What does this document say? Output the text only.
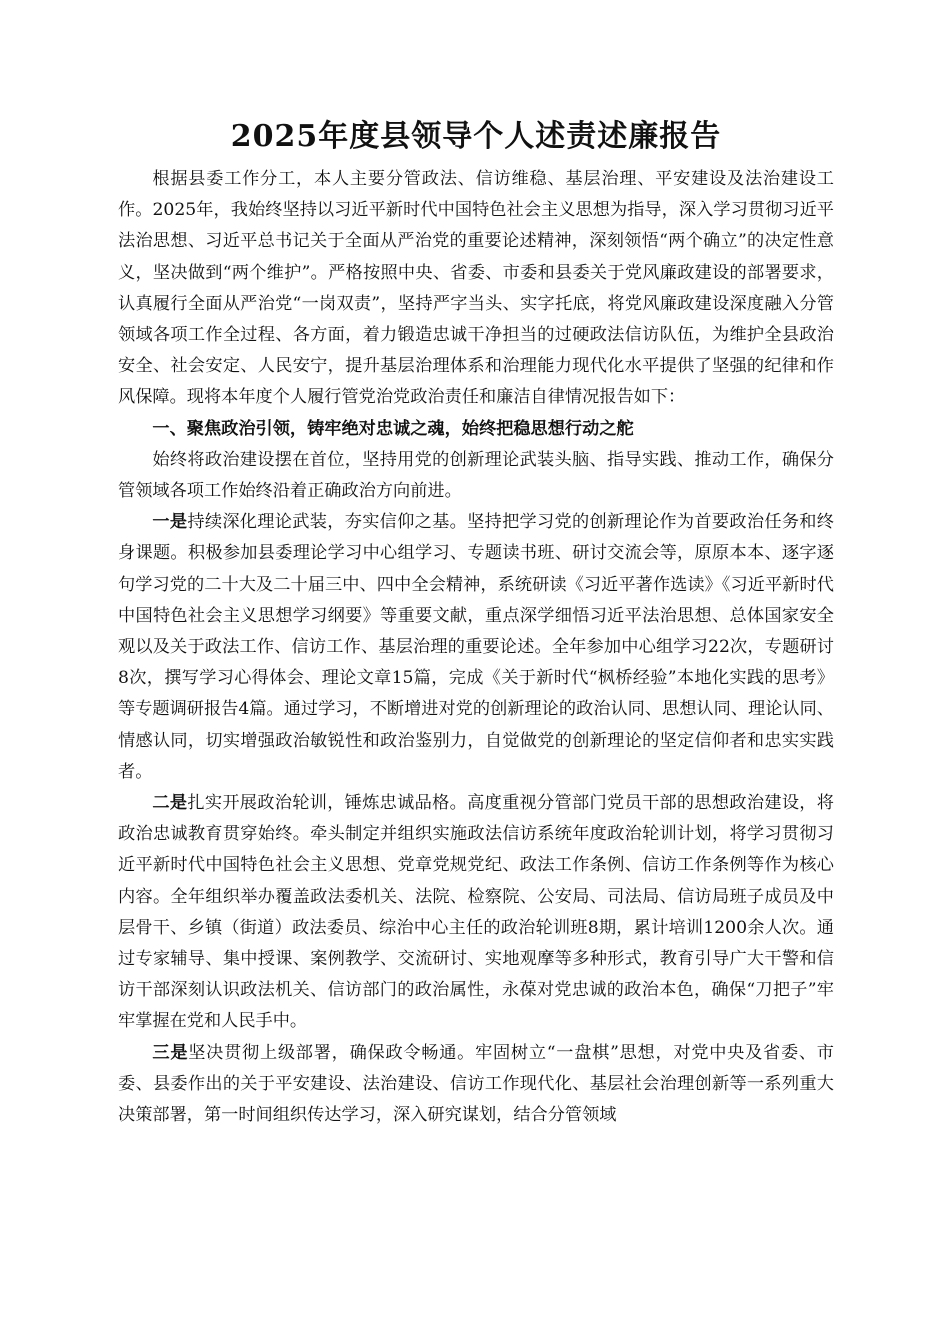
2025年度县领导个人述责述廉报告

根据县委工作分工，本人主要分管政法、信访维稳、基层治理、平安建设及法治建设工作。2025年，我始终坚持以习近平新时代中国特色社会主义思想为指导，深入学习贯彻习近平法治思想、习近平总书记关于全面从严治党的重要论述精神，深刻领悟“两个确立”的决定性意义，坚决做到“两个维护”。严格按照中央、省委、市委和县委关于党风廉政建设的部署要求，认真履行全面从严治党“一岗双责”，坚持严字当头、实字托底，将党风廉政建设深度融入分管领域各项工作全过程、各方面，着力锻造忠诚干净担当的过硬政法信访队伍，为维护全县政治安全、社会安定、人民安宁，提升基层治理体系和治理能力现代化水平提供了坚强的纪律和作风保障。现将本年度个人履行管党治党政治责任和廉洁自律情况报告如下：

一、聚焦政治引领，铸牢绝对忠诚之魂，始终把稳思想行动之舵

始终将政治建设摆在首位，坚持用党的创新理论武装头脑、指导实践、推动工作，确保分管领域各项工作始终沿着正确政治方向前进。

一是持续深化理论武装，夯实信仰之基。坚持把学习党的创新理论作为首要政治任务和终身课题。积极参加县委理论学习中心组学习、专题读书班、研讨交流会等，原原本本、逐字逐句学习党的二十大及二十届三中、四中全会精神，系统研读《习近平著作选读》《习近平新时代中国特色社会主义思想学习纲要》等重要文献，重点深学细悟习近平法治思想、总体国家安全观以及关于政法工作、信访工作、基层治理的重要论述。全年参加中心组学习22次，专题研讨8次，撰写学习心得体会、理论文章15篇，完成《关于新时代“枫桥经验”本地化实践的思考》等专题调研报告4篇。通过学习，不断增进对党的创新理论的政治认同、思想认同、理论认同、情感认同，切实增强政治敏锐性和政治鉴别力，自觉做党的创新理论的坚定信仰者和忠实实践者。

二是扎实开展政治轮训，锤炼忠诚品格。高度重视分管部门党员干部的思想政治建设，将政治忠诚教育贯穿始终。牵头制定并组织实施政法信访系统年度政治轮训计划，将学习贯彻习近平新时代中国特色社会主义思想、党章党规党纪、政法工作条例、信访工作条例等作为核心内容。全年组织举办覆盖政法委机关、法院、检察院、公安局、司法局、信访局班子成员及中层骨干、乡镇（街道）政法委员、综治中心主任的政治轮训班8期，累计培训1200余人次。通过专家辅导、集中授课、案例教学、交流研讨、实地观摩等多种形式，教育引导广大干警和信访干部深刻认识政法机关、信访部门的政治属性，永葆对党忠诚的政治本色，确保“刀把子”牢牢掌握在党和人民手中。

三是坚决贯彻上级部署，确保政令畅通。牢固树立“一盘棋”思想，对党中央及省委、市委、县委作出的关于平安建设、法治建设、信访工作现代化、基层社会治理创新等一系列重大决策部署，第一时间组织传达学习，深入研究谋划，结合分管领域
